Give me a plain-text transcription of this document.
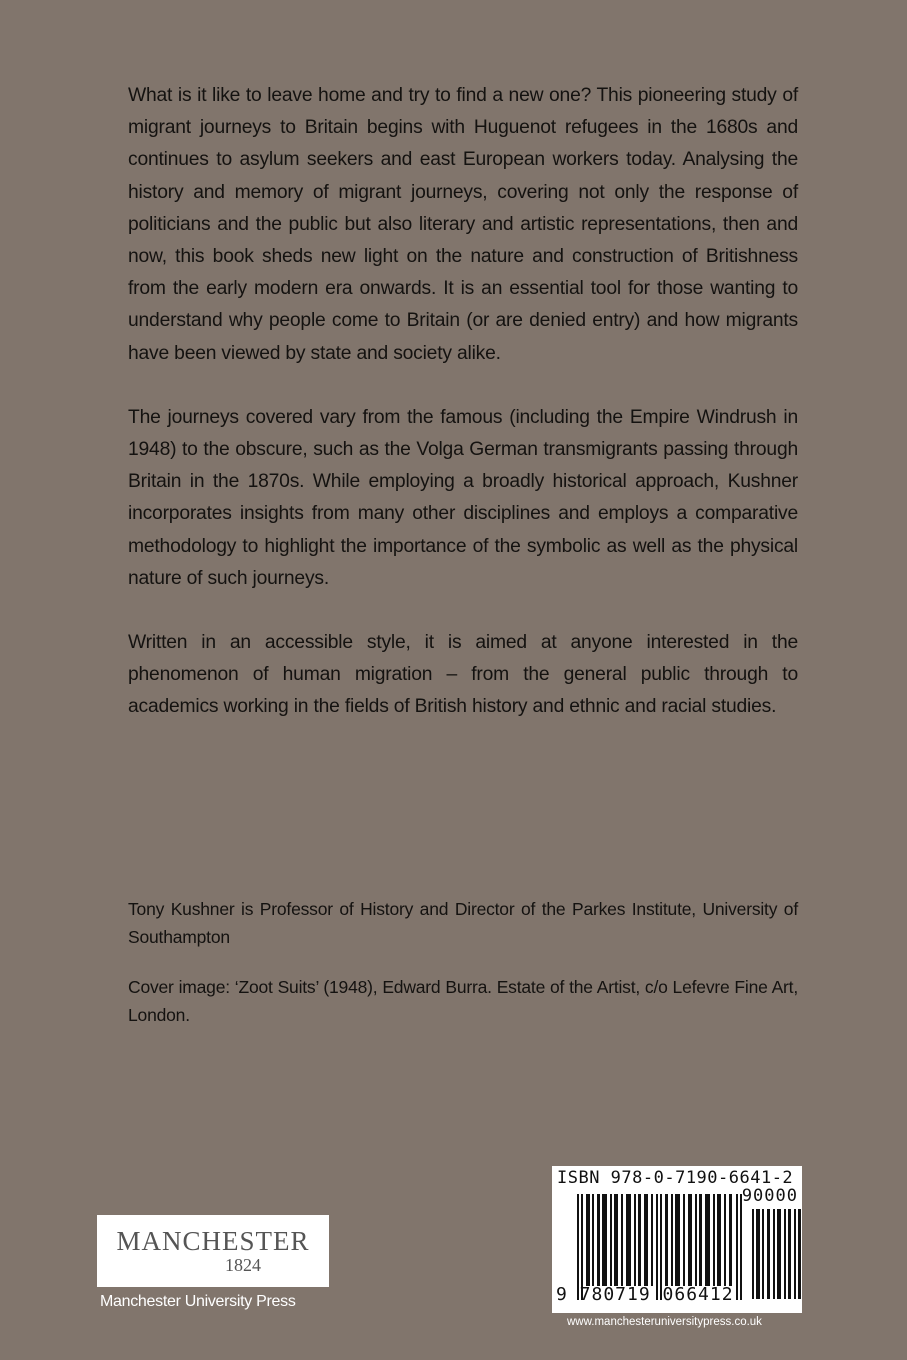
What is it like to leave home and try to find a new one? This pioneering study of migrant journeys to Britain begins with Huguenot refugees in the 1680s and continues to asylum seekers and east European workers today. Analysing the history and memory of migrant journeys, covering not only the response of politicians and the public but also literary and artistic representations, then and now, this book sheds new light on the nature and construction of Britishness from the early modern era onwards. It is an essential tool for those wanting to understand why people come to Britain (or are denied entry) and how migrants have been viewed by state and society alike.

The journeys covered vary from the famous (including the Empire Windrush in 1948) to the obscure, such as the Volga German transmigrants passing through Britain in the 1870s. While employing a broadly historical approach, Kushner incorporates insights from many other disciplines and employs a comparative methodology to highlight the importance of the symbolic as well as the physical nature of such journeys.

Written in an accessible style, it is aimed at anyone interested in the phenomenon of human migration – from the general public through to academics working in the fields of British history and ethnic and racial studies.

Tony Kushner is Professor of History and Director of the Parkes Institute, University of Southampton

Cover image: ‘Zoot Suits’ (1948), Edward Burra. Estate of the Artist, c/o Lefevre Fine Art, London.

MANCHESTER
1824
Manchester University Press
ISBN 978-0-7190-6641-2
90000
9 780719 066412
www.manchesteruniversitypress.co.uk
